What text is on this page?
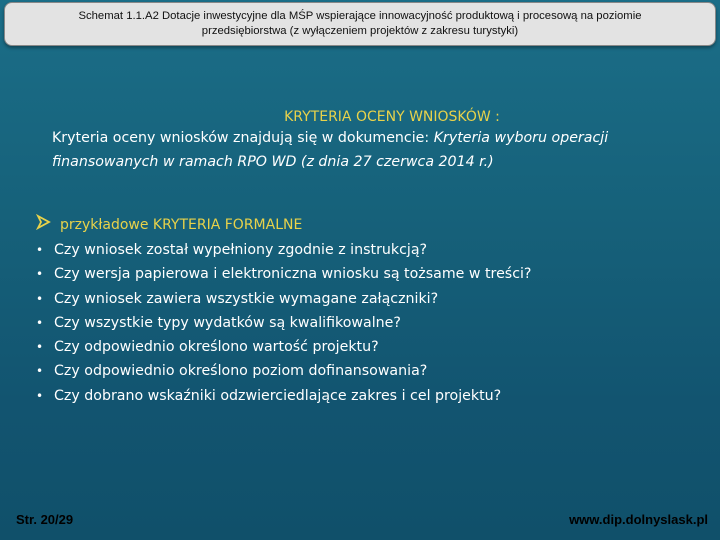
Schemat 1.1.A2 Dotacje inwestycyjne dla MŚP wspierające innowacyjność produktową i procesową na poziomie
przedsiębiorstwa (z wyłączeniem projektów z zakresu turystyki)
KRYTERIA OCENY WNIOSKÓW :
Kryteria oceny wniosków znajdują się w dokumencie: Kryteria wyboru operacji finansowanych w ramach RPO WD (z dnia 27 czerwca 2014 r.)
przykładowe KRYTERIA FORMALNE
• Czy wniosek został wypełniony zgodnie z instrukcją?
• Czy wersja papierowa i elektroniczna wniosku są tożsame w treści?
• Czy wniosek zawiera wszystkie wymagane załączniki?
• Czy wszystkie typy wydatków są kwalifikowalne?
• Czy odpowiednio określono wartość projektu?
• Czy odpowiednio określono poziom dofinansowania?
• Czy dobrano wskaźniki odzwierciedlające zakres i cel projektu?
Str. 20/29	www.dip.dolnyslask.pl
